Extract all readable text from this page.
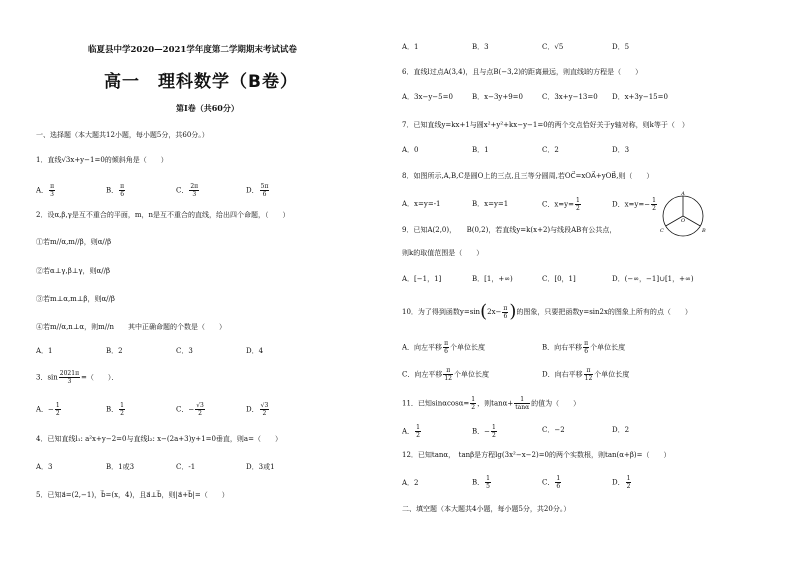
临夏县中学2020—2021学年度第二学期期末考试试卷
高一　理科数学（B卷）
第Ⅰ卷（共60分）
一、选择题（本大题共12小题，每小题5分，共60分。）
1．直线√3x+y−1=0的倾斜角是（　　）
A． $\frac{\pi}{3}$	B． $\frac{\pi}{6}$	C． $\frac{2\pi}{3}$	D． $\frac{5\pi}{6}$
2．设α,β,γ是互不重合的平面，m，n是互不重合的直线，给出四个命题，（　　）
①若m//α,m//β，则α//β
②若α⊥γ,β⊥γ，则α//β
③若m⊥α,m⊥β，则α//β
④若m//α,n⊥α，则m//n　　其中正确命题的个数是（　　）
A．1	B．2	C．3	D．4
3．$\sin \frac{2021\pi}{3}$ =（　　）．
A．− $\frac{1}{2}$	B． $\frac{1}{2}$	C．− $\frac{√3}{2}$	D． $\frac{√3}{2}$
4．已知直线l₁: a²x+y−2=0与直线l₂: x−(2a+3)y+1=0垂直，则a=（　　）
A．3	B．1或3	C．-1	D．3或1
5．已知a⃗=(2,−1)，b⃗=(x，4)，且a⃗⊥b⃗，则|a⃗+b⃗|=（　　）
A．1	B．3	C．√5	D．5
6．直线l过点A(3,4)，且与点B(−3,2)的距离最远，则直线l的方程是（　　）
A．3x−y−5=0	B．x−3y+9=0	C．3x+y−13=0 D．x+3y−15=0
7．已知直线y=kx+1与圆x²+y²+kx−y−1=0的两个交点恰好关于y轴对称，则k等于（　）
A．0	B．1	C．2	D．3
8．如图所示,A,B,C是圆O上的三点,且三等分圆周,若OC⃗=xOA⃗+yOB⃗,则（　　）
A．x=y=-1	B．x=y=1	C．$x=y= \frac{1}{2}$	D．$x=y=- \frac{1}{2}$
A
C	B
O
9．已知A(2,0)，　　B(0,2)，若直线y=k(x+2)与线段AB有公共点，
则k的取值范围是（　　）
A．[−1，1]	B．[1，+∞)	C．[0，1]	D．(−∞，−1]∪[1，+∞)
10．为了得到函数$y=\sin(2x- \frac{\pi}{6}$ )的图象，只要把函数y=sin2x的图象上所有的点（　　）
A．向左平移 $\frac{\pi}{6}$ 个单位长度	B．向右平移 $\frac{\pi}{6}$ 个单位长度
C．向左平移 $\frac{\pi}{12}$ 个单位长度	D．向右平移 $\frac{\pi}{12}$ 个单位长度
11．已知$\sin\alpha\cos\alpha= \frac{1}{2}$ ，则$\tan\alpha+ \frac{1}{\tan\alpha}$ 的值为（　　）
A． $\frac{1}{2}$	B．− $\frac{1}{2}$	C．−2	D．2
12．已知tanα，　tanβ是方程lg(3x²−x−2)=0的两个实数根，则tan(α+β)=（　　）
A．2	B． $\frac{1}{5}$	C． $\frac{1}{6}$	D． $\frac{1}{2}$
二、填空题（本大题共4小题，每小题5分，共20分。）
